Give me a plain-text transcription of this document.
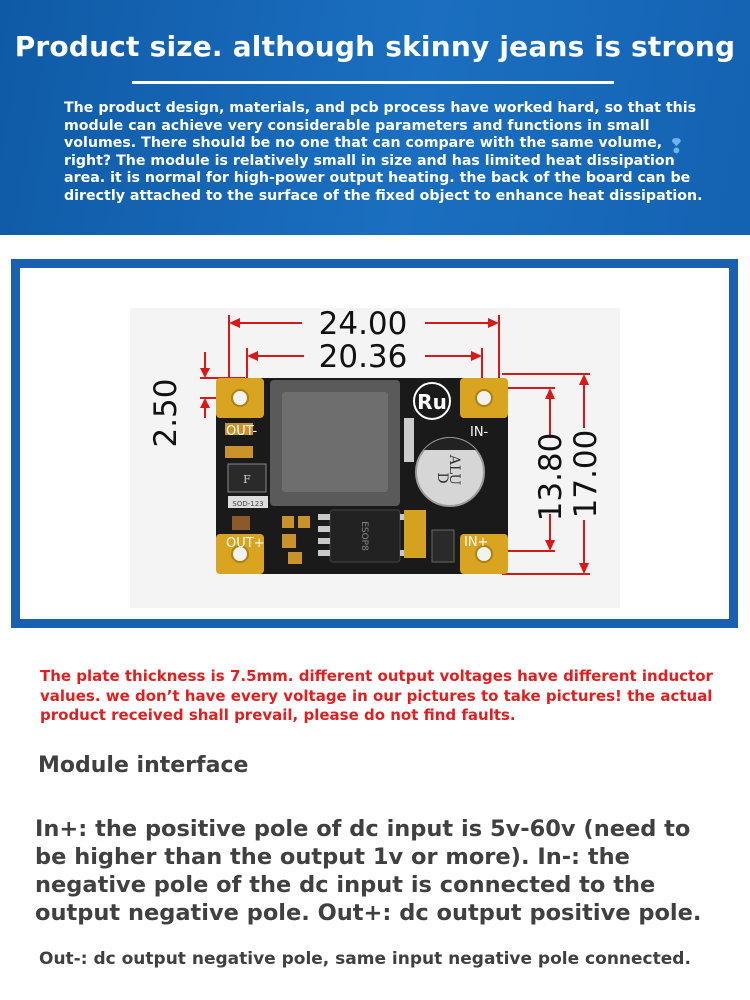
Product size. although skinny jeans is strong

The product design, materials, and pcb process have worked hard, so that this module can achieve very considerable parameters and functions in small volumes. There should be no one that can compare with the same volume, right? The module is relatively small in size and has limited heat dissipation area. it is normal for high-power output heating. the back of the board can be directly attached to the surface of the fixed object to enhance heat dissipation.

❢
24.00
20.36
2.50
13.80 17.00
F
SOD-123
ESOP8
Ru
ALU
D
OUT-
OUT+
IN-
IN+

The plate thickness is 7.5mm. different output voltages have different inductor values. we don’t have every voltage in our pictures to take pictures! the actual product received shall prevail, please do not find faults.

Module interface

In+: the positive pole of dc input is 5v-60v (need to be higher than the output 1v or more). In-: the negative pole of the dc input is connected to the output negative pole. Out+: dc output positive pole.

Out-: dc output negative pole, same input negative pole connected.
